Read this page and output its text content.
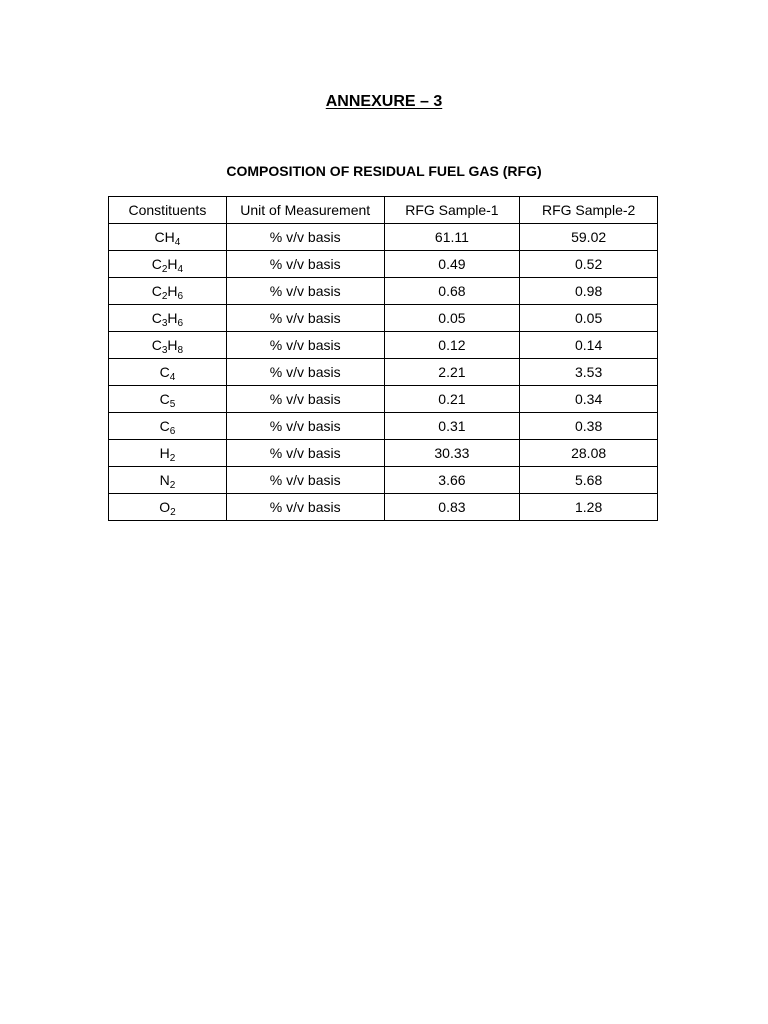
ANNEXURE – 3
COMPOSITION OF RESIDUAL FUEL GAS (RFG)
Constituents	Unit of Measurement	RFG Sample-1	RFG Sample-2
$CH_4$	% v/v basis	61.11	59.02
$C_2H_4$	% v/v basis	0.49	0.52
$C_2H_6$	% v/v basis	0.68	0.98
$C_3H_6$	% v/v basis	0.05	0.05
$C_3H_8$	% v/v basis	0.12	0.14
$C_4$	% v/v basis	2.21	3.53
$C_5$	% v/v basis	0.21	0.34
$C_6$	% v/v basis	0.31	0.38
$H_2$	% v/v basis	30.33	28.08
$N_2$	% v/v basis	3.66	5.68
$O_2$	% v/v basis	0.83	1.28
